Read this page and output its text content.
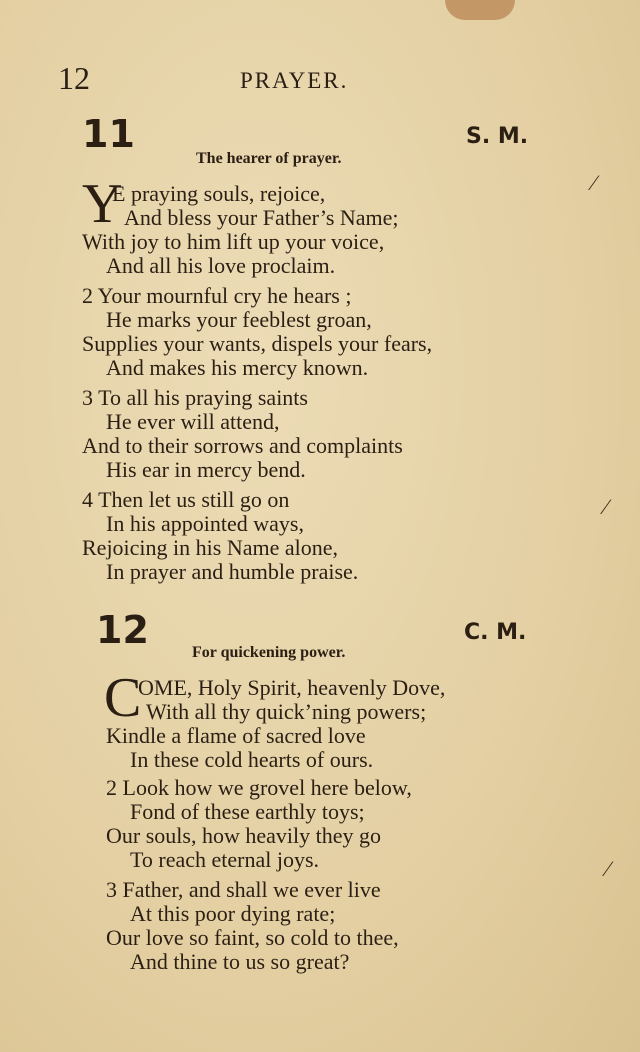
⁄
⁄
⁄
12	PRAYER.
11	S. M.
The hearer of prayer.
Y
E praying souls, rejoice,
And bless your Father’s Name;
With joy to him lift up your voice,
And all his love proclaim.
2 Your mournful cry he hears ;
He marks your feeblest groan,
Supplies your wants, dispels your fears,
And makes his mercy known.
3 To all his praying saints
He ever will attend,
And to their sorrows and complaints
His ear in mercy bend.
4 Then let us still go on
In his appointed ways,
Rejoicing in his Name alone,
In prayer and humble praise.
12	C. M.
For quickening power.
C
OME, Holy Spirit, heavenly Dove,
With all thy quick’ning powers;
Kindle a flame of sacred love
In these cold hearts of ours.
2 Look how we grovel here below,
Fond of these earthly toys;
Our souls, how heavily they go
To reach eternal joys.
3 Father, and shall we ever live
At this poor dying rate;
Our love so faint, so cold to thee,
And thine to us so great?
